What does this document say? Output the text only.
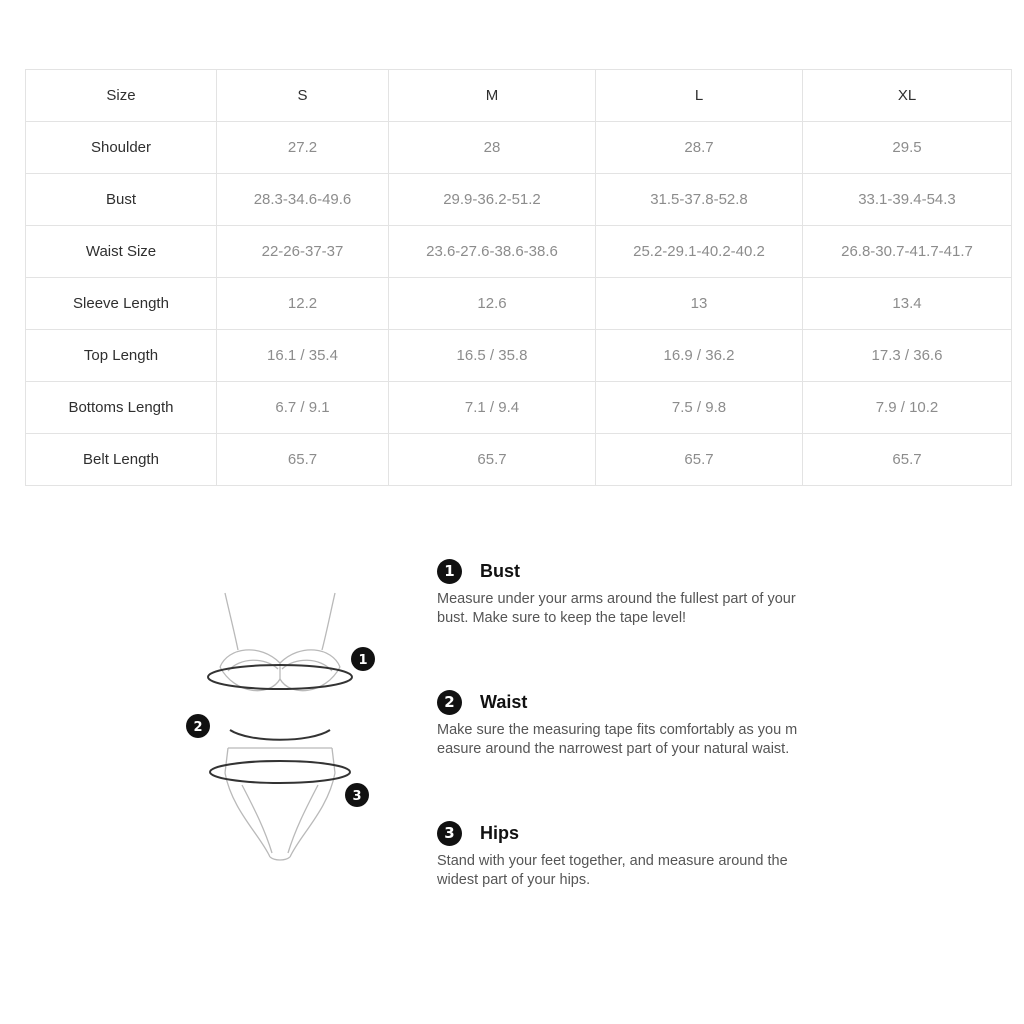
Size	S	M	L	XL
Shoulder	27.2	28	28.7	29.5
Bust	28.3-34.6-49.6	29.9-36.2-51.2	31.5-37.8-52.8	33.1-39.4-54.3
Waist Size	22-26-37-37	23.6-27.6-38.6-38.6	25.2-29.1-40.2-40.2	26.8-30.7-41.7-41.7
Sleeve Length	12.2	12.6	13	13.4
Top Length	16.1 / 35.4	16.5 / 35.8	16.9 / 36.2	17.3 / 36.6
Bottoms Length	6.7 / 9.1	7.1 / 9.4	7.5 / 9.8	7.9 / 10.2
Belt Length	65.7	65.7	65.7	65.7
1
2
3
1	Bust
Measure under your arms around the fullest part of your
bust. Make sure to keep the tape level!
2	Waist
Make sure the measuring tape fits comfortably as you m
easure around the narrowest part of your natural waist.
3	Hips
Stand with your feet together, and measure around the
widest part of your hips.
